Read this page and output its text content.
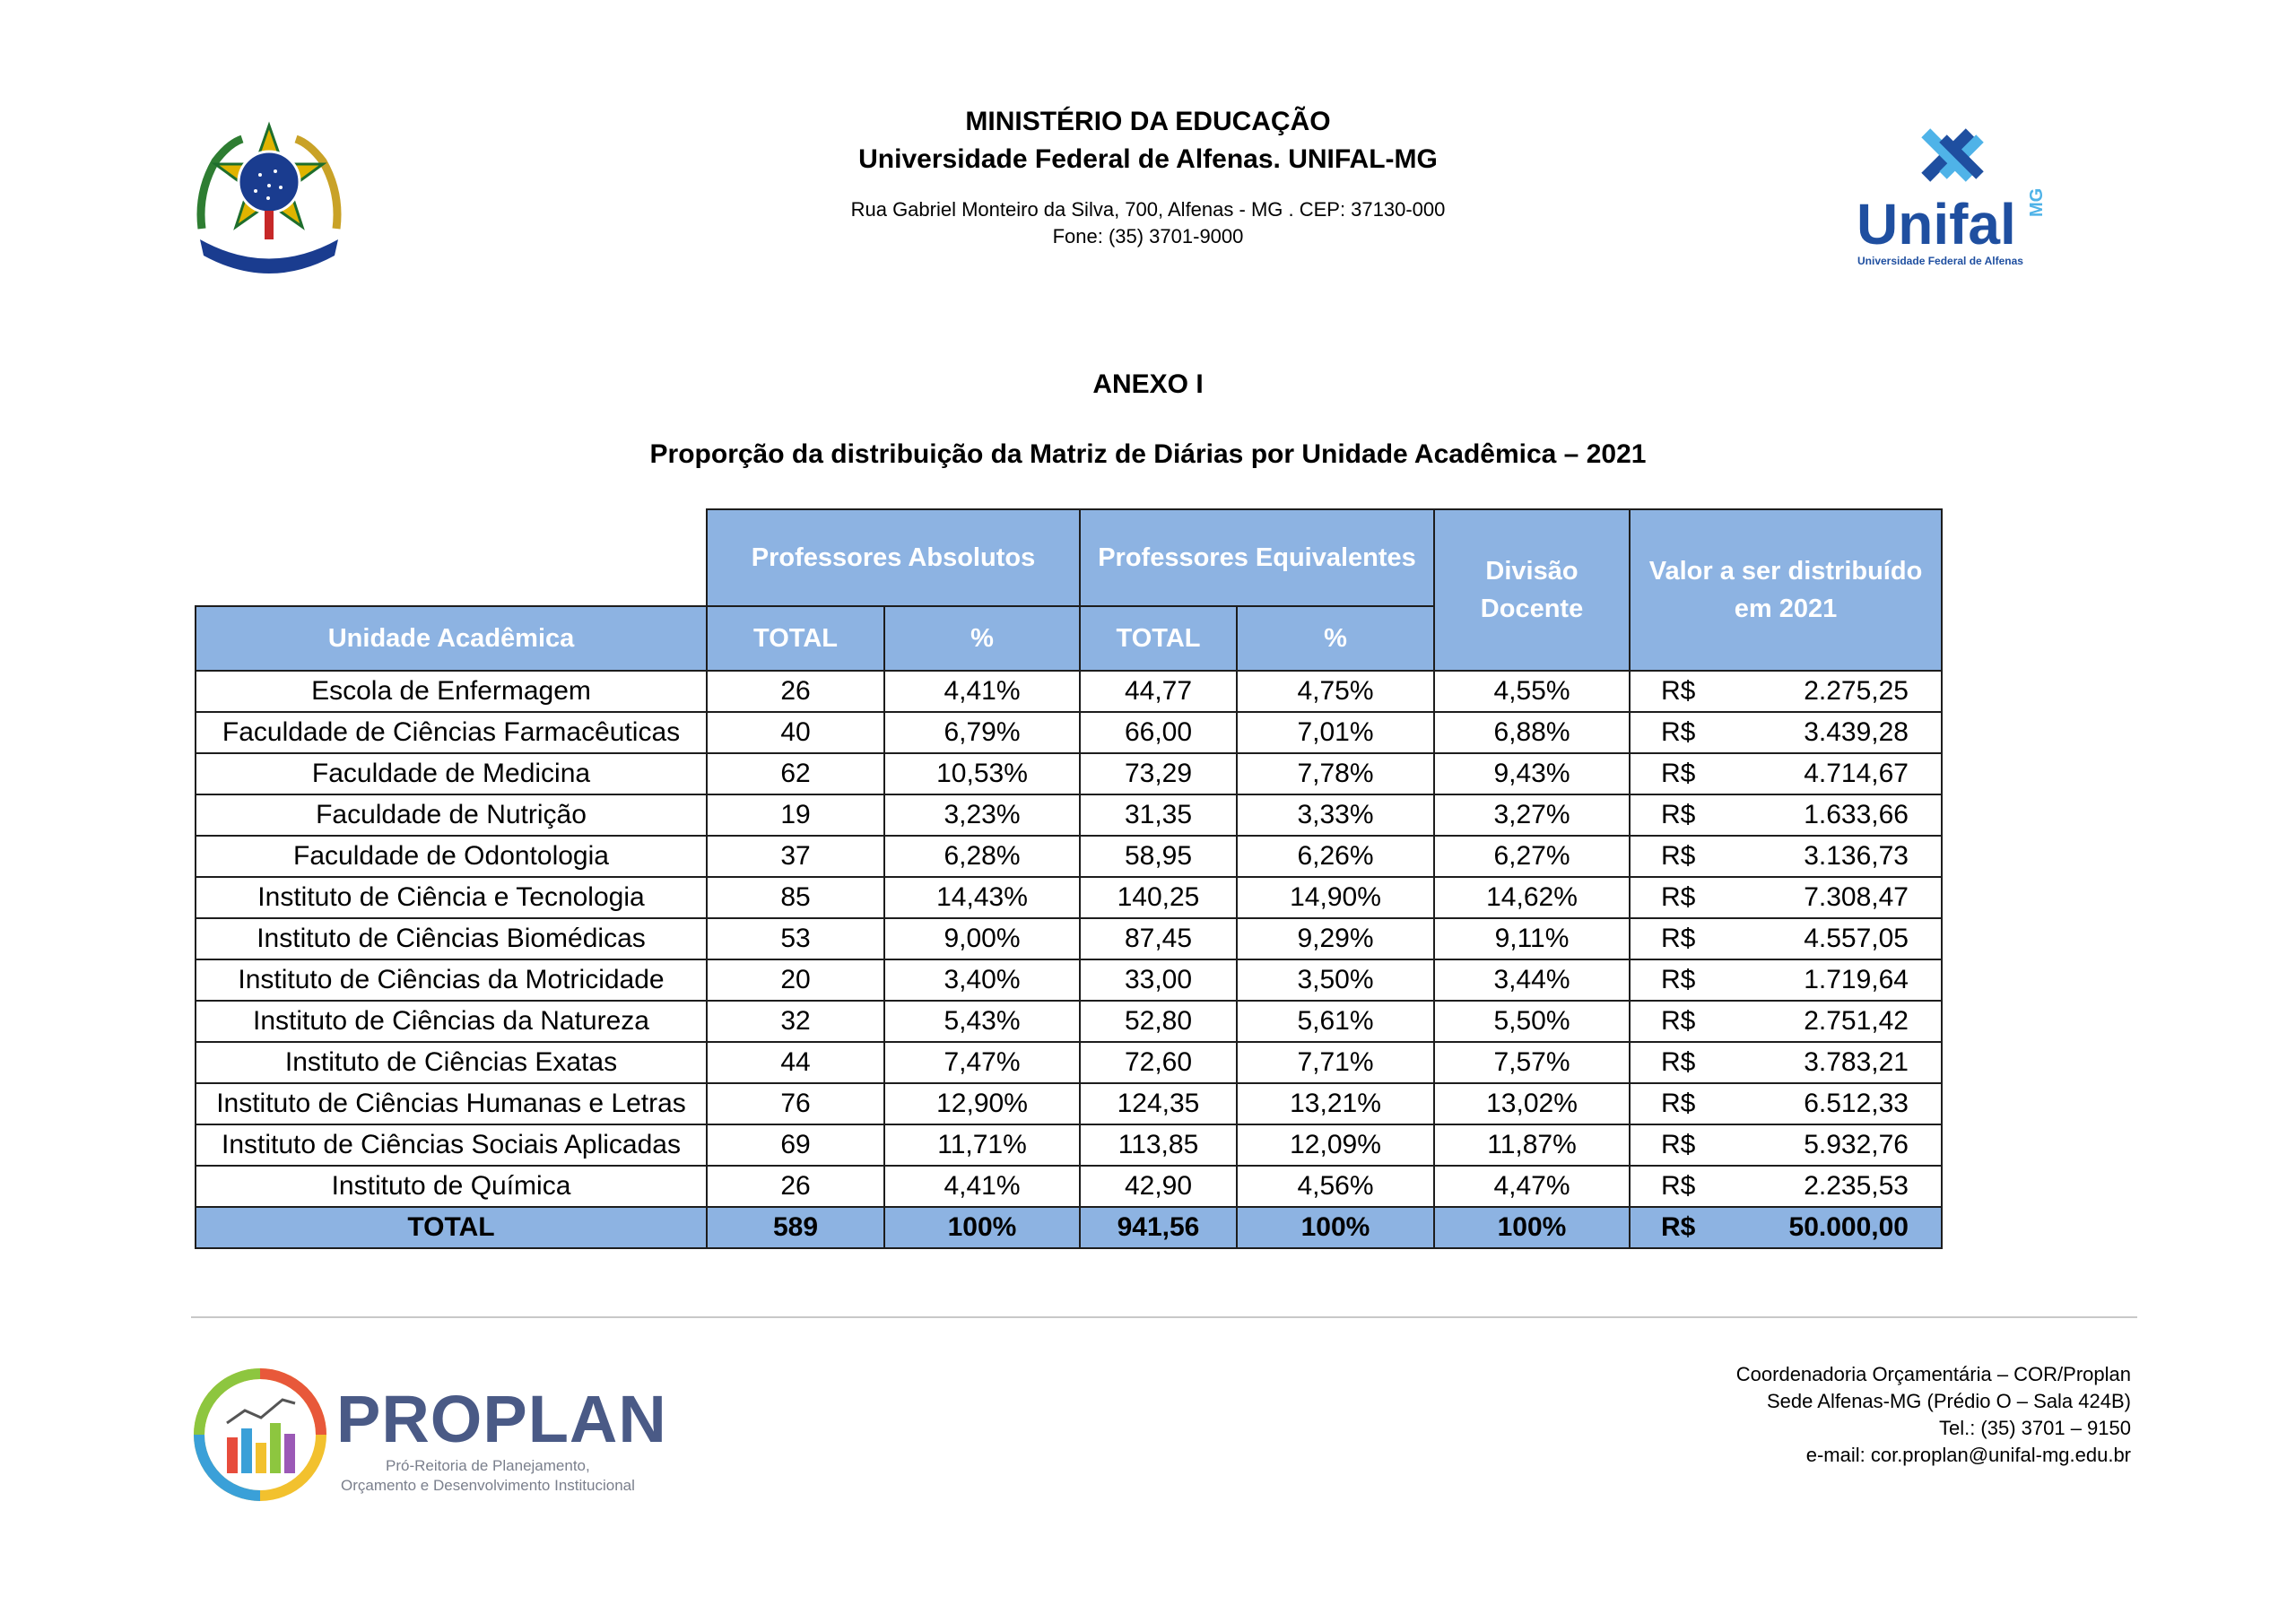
MINISTÉRIO DA EDUCAÇÃO
Universidade Federal de Alfenas. UNIFAL-MG
Rua Gabriel Monteiro da Silva, 700, Alfenas - MG . CEP: 37130-000
Fone: (35) 3701-9000	Unifal MG
Universidade Federal de Alfenas
ANEXO I
Proporção da distribuição da Matriz de Diárias por Unidade Acadêmica – 2021

	Professores Absolutos		Professores Equivalentes		Divisão Docente	Valor a ser distribuído em 2021

Unidade Acadêmica	TOTAL	%	TOTAL	%		
Escola de Enfermagem	26	4,41%	44,77	4,75%	4,55%	R$ 2.275,25

Faculdade de Ciências Farmacêuticas	40	6,79%	66,00	7,01%	6,88%	R$ 3.439,28

Faculdade de Medicina	62	10,53%	73,29	7,78%	9,43%	R$ 4.714,67

Faculdade de Nutrição	19	3,23%	31,35	3,33%	3,27%	R$ 1.633,66

Faculdade de Odontologia	37	6,28%	58,95	6,26%	6,27%	R$ 3.136,73

Instituto de Ciência e Tecnologia	85	14,43%	140,25	14,90%	14,62%	R$ 7.308,47

Instituto de Ciências Biomédicas	53	9,00%	87,45	9,29%	9,11%	R$ 4.557,05

Instituto de Ciências da Motricidade	20	3,40%	33,00	3,50%	3,44%	R$ 1.719,64

Instituto de Ciências da Natureza	32	5,43%	52,80	5,61%	5,50%	R$ 2.751,42

Instituto de Ciências Exatas	44	7,47%	72,60	7,71%	7,57%	R$ 3.783,21

Instituto de Ciências Humanas e Letras	76	12,90%	124,35	13,21%	13,02%	R$ 6.512,33

Instituto de Ciências Sociais Aplicadas	69	11,71%	113,85	12,09%	11,87%	R$ 5.932,76

Instituto de Química	26	4,41%	42,90	4,56%	4,47%	R$ 2.235,53

TOTAL	589	100%	941,56	100%	100%	R$ 50.000,00
PROPLAN
Pró-Reitoria de Planejamento,
Orçamento e Desenvolvimento Institucional
Coordenadoria Orçamentária – COR/Proplan
Sede Alfenas-MG (Prédio O – Sala 424B)
Tel.: (35) 3701 – 9150
e-mail: cor.proplan@unifal-mg.edu.br
